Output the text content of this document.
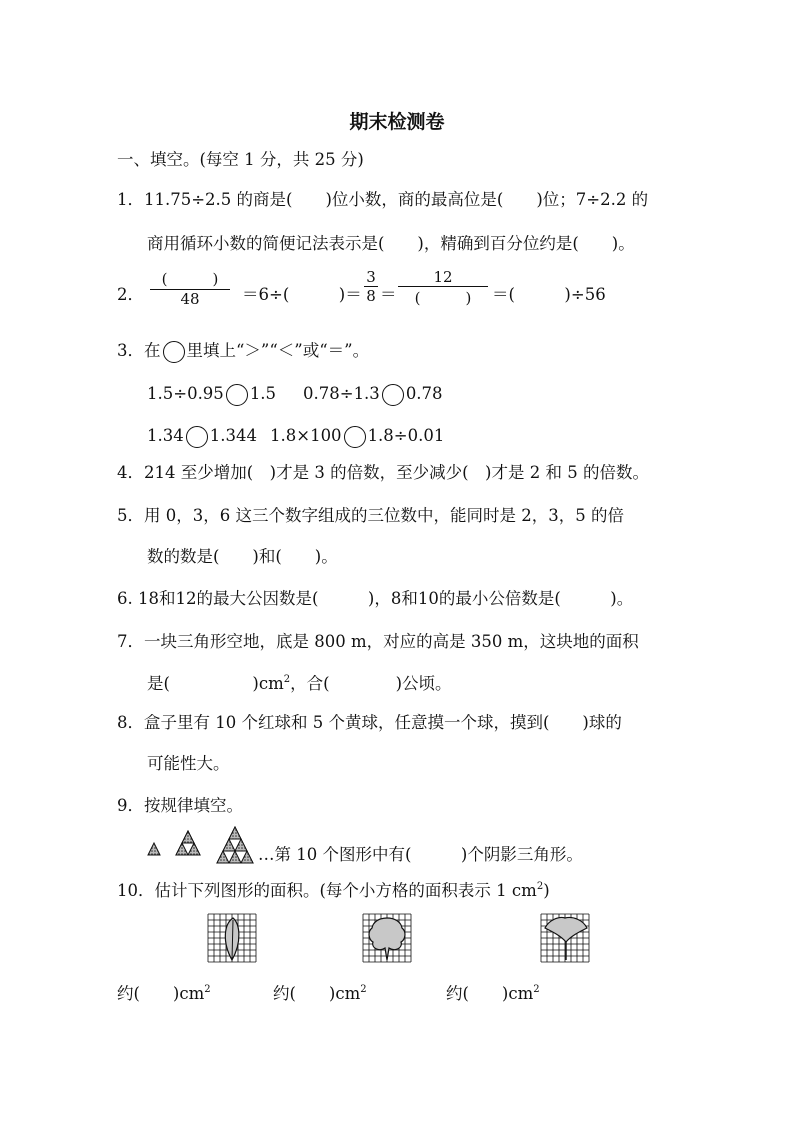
期末检测卷
一、填空。(每空 1 分，共 25 分)
1．11.75÷2.5 的商是(　　)位小数，商的最高位是(　　)位；7÷2.2 的
商用循环小数的简便记法表示是(　　)，精确到百分位约是(　　)。
2．
(　　　)
48	＝6÷(　　　)＝ $\frac{3}{8}$ ＝
12
(　　　)	＝(　　　)÷56
3．在 里填上“＞”“＜”或“＝”。
1.5÷0.95 1.5 0.78÷1.3 0.78
1.34 1.344 1.8×100 1.8÷0.01
4．214 至少增加(　)才是 3 的倍数，至少减少(　)才是 2 和 5 的倍数。
5．用 0，3，6 这三个数字组成的三位数中，能同时是 2，3，5 的倍
数的数是(　　)和(　　)。
6. 18和12的最大公因数是(　　　)，8和10的最小公倍数是(　　　)。
7．一块三角形空地，底是 800 m，对应的高是 350 m，这块地的面积
是(　　　　　)$cm^2$，合(　　　　)公顷。
8．盒子里有 10 个红球和 5 个黄球，任意摸一个球，摸到(　　)球的
可能性大。
9．按规律填空。
…第 10 个图形中有(　　　)个阴影三角形。
10．估计下列图形的面积。(每个小方格的面积表示 1 $cm^2$)
约(　　)$cm^2$	约(　　)$cm^2$	约(　　)$cm^2$
